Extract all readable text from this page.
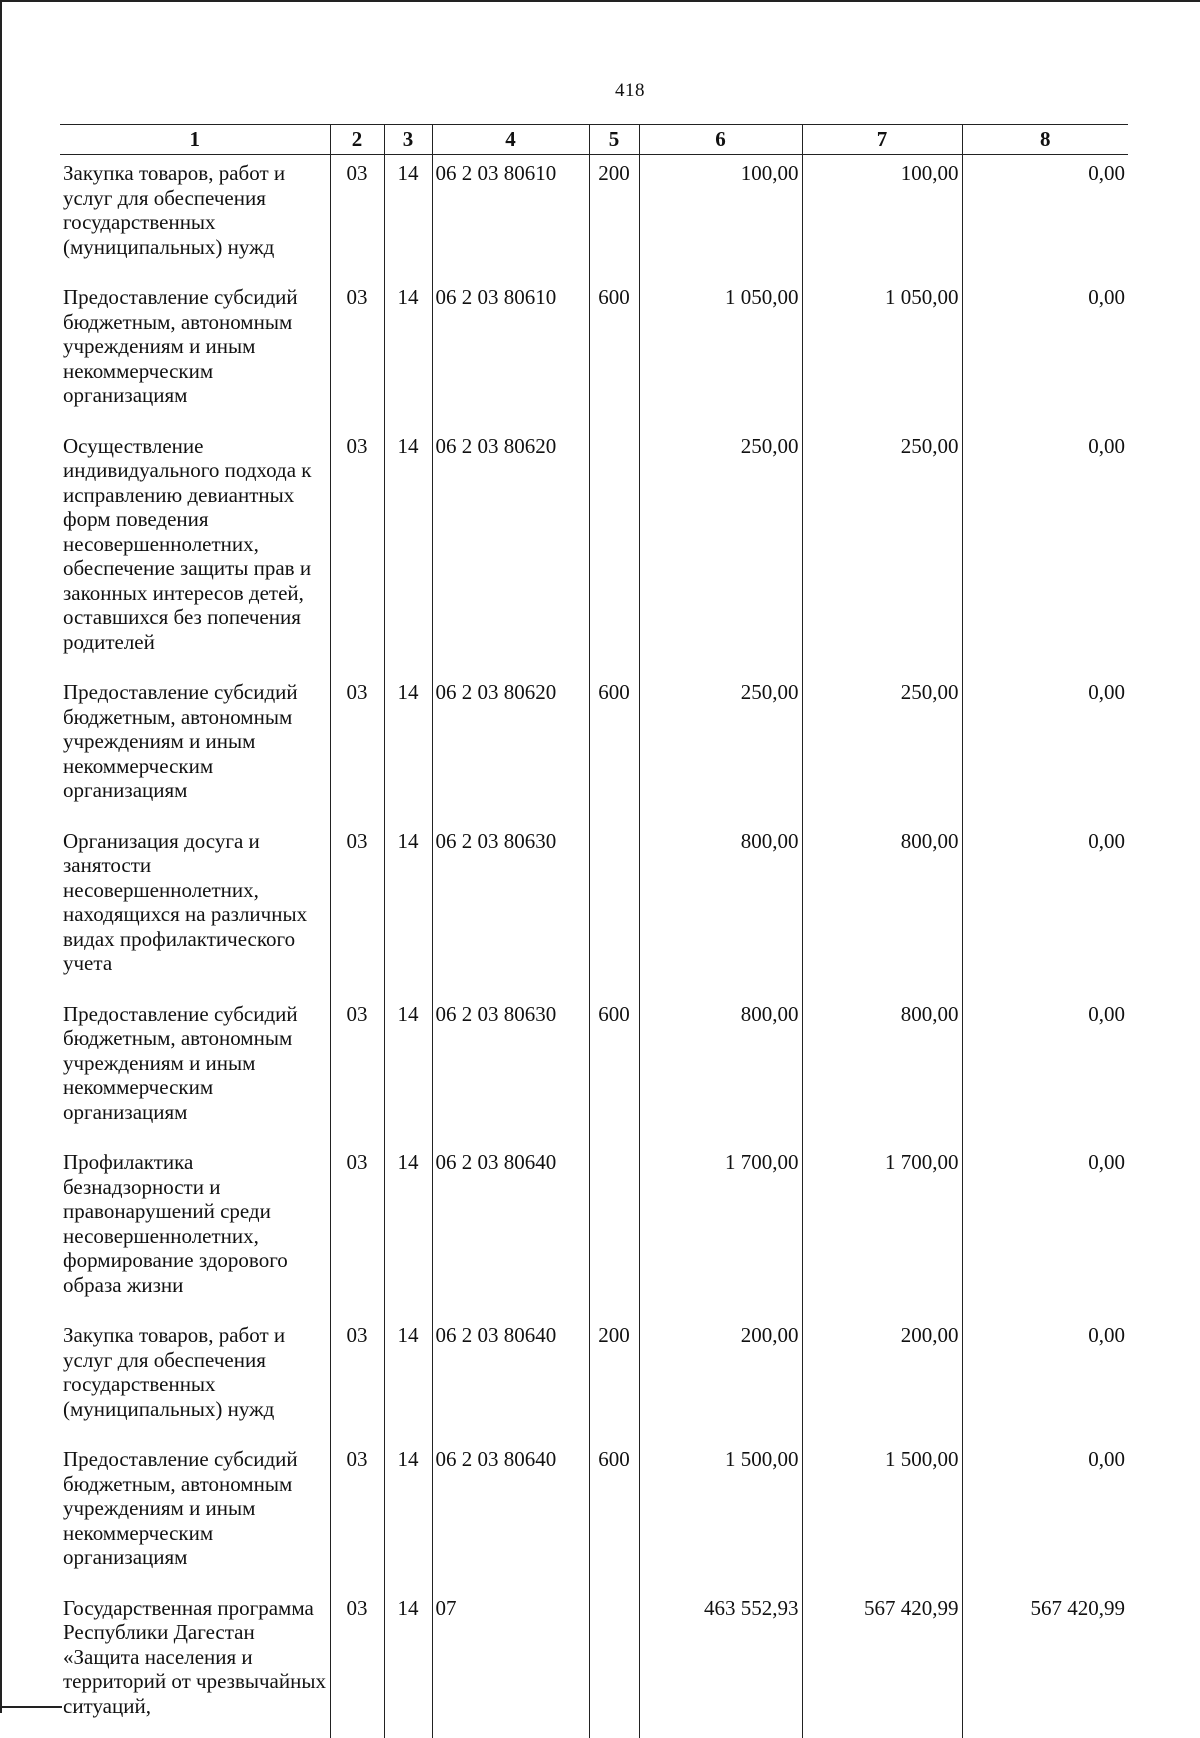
418
1	2	3	4	5	6	7	8
Закупка товаров, работ и услуг для обеспечения государственных (муниципальных) нужд	03	14	06 2 03 80610	200	100,00	100,00	0,00
Предоставление субсидий бюджетным, автономным учреждениям и иным некоммерческим организациям	03	14	06 2 03 80610	600	1 050,00	1 050,00	0,00
Осуществление индивидуального подхода к исправлению девиантных форм поведения несовершеннолетних, обеспечение защиты прав и законных интересов детей, оставшихся без попечения родителей	03	14	06 2 03 80620		250,00	250,00	0,00
Предоставление субсидий бюджетным, автономным учреждениям и иным некоммерческим организациям	03	14	06 2 03 80620	600	250,00	250,00	0,00
Организация досуга и занятости несовершеннолетних, находящихся на различных видах профилактического учета	03	14	06 2 03 80630		800,00	800,00	0,00
Предоставление субсидий бюджетным, автономным учреждениям и иным некоммерческим организациям	03	14	06 2 03 80630	600	800,00	800,00	0,00
Профилактика безнадзорности и правонарушений среди несовершеннолетних, формирование здорового образа жизни	03	14	06 2 03 80640		1 700,00	1 700,00	0,00
Закупка товаров, работ и услуг для обеспечения государственных (муниципальных) нужд	03	14	06 2 03 80640	200	200,00	200,00	0,00
Предоставление субсидий бюджетным, автономным учреждениям и иным некоммерческим организациям	03	14	06 2 03 80640	600	1 500,00	1 500,00	0,00
Государственная программа Республики Дагестан «Защита населения и территорий от чрезвычайных ситуаций,	03	14	07		463 552,93	567 420,99	567 420,99
